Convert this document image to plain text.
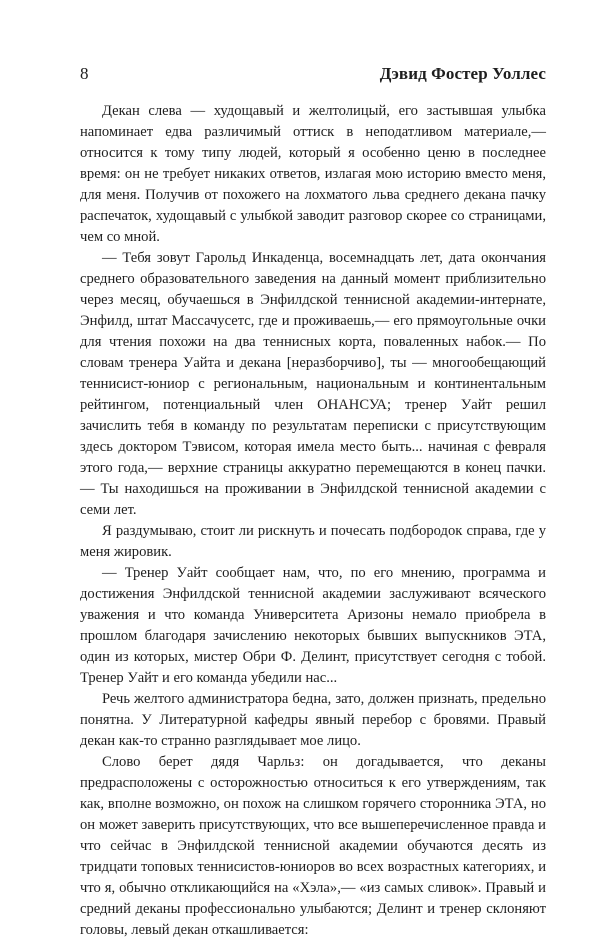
8	Дэвид Фостер Уоллес

Декан слева — худощавый и желтолицый, его застывшая улыбка напоминает едва различимый оттиск в неподатливом материале,— относится к тому типу людей, который я особенно ценю в последнее время: он не требует никаких ответов, излагая мою историю вместо меня, для меня. Получив от похожего на лохматого льва среднего декана пачку распечаток, худощавый с улыбкой заводит разговор скорее со страницами, чем со мной.

— Тебя зовут Гарольд Инкаденца, восемнадцать лет, дата окончания среднего образовательного заведения на данный момент приблизительно через месяц, обучаешься в Энфилдской теннисной академии-интернате, Энфилд, штат Массачусетс, где и проживаешь,— его прямоугольные очки для чтения похожи на два теннисных корта, поваленных набок.— По словам тренера Уайта и декана [неразборчиво], ты — многообещающий теннисист-юниор с региональным, национальным и континентальным рейтингом, потенциальный член ОНАНСУА; тренер Уайт решил зачислить тебя в команду по результатам переписки с присутствующим здесь доктором Тэвисом, которая имела место быть... начиная с февраля этого года,— верхние страницы аккуратно перемещаются в конец пачки.— Ты находишься на проживании в Энфилдской теннисной академии с семи лет.

Я раздумываю, стоит ли рискнуть и почесать подбородок справа, где у меня жировик.

— Тренер Уайт сообщает нам, что, по его мнению, программа и достижения Энфилдской теннисной академии заслуживают всяческого уважения и что команда Университета Аризоны немало приобрела в прошлом благодаря зачислению некоторых бывших выпускников ЭТА, один из которых, мистер Обри Ф. Делинт, присутствует сегодня с тобой. Тренер Уайт и его команда убедили нас...

Речь желтого администратора бедна, зато, должен признать, предельно понятна. У Литературной кафедры явный перебор с бровями. Правый декан как-то странно разглядывает мое лицо.

Слово берет дядя Чарльз: он догадывается, что деканы предрасположены с осторожностью относиться к его утверждениям, так как, вполне возможно, он похож на слишком горячего сторонника ЭТА, но он может заверить присутствующих, что все вышеперечисленное правда и что сейчас в Энфилдской теннисной академии обучаются десять из тридцати топовых теннисистов-юниоров во всех возрастных категориях, и что я, обычно откликающийся на «Хэла»,— «из самых сливок». Правый и средний деканы профессионально улыбаются; Делинт и тренер склоняют головы, левый декан откашливается:
